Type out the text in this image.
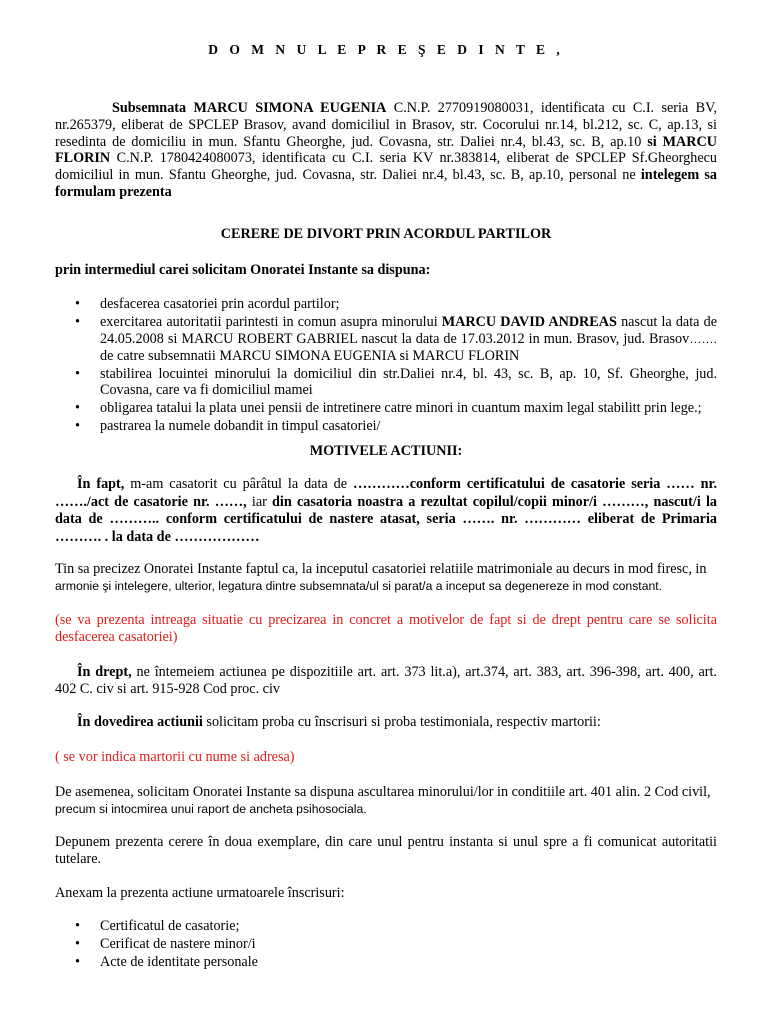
D O M N U L E P R E Ş E D I N T E ,

Subsemnata MARCU SIMONA EUGENIA C.N.P. 2770919080031, identificata cu C.I. seria BV, nr.265379, eliberat de SPCLEP Brasov, avand domiciliul in Brasov, str. Cocorului nr.14, bl.212, sc. C, ap.13, si resedinta de domiciliu in mun. Sfantu Gheorghe, jud. Covasna, str. Daliei nr.4, bl.43, sc. B, ap.10 si MARCU FLORIN C.N.P. 1780424080073, identificata cu C.I. seria KV nr.383814, eliberat de SPCLEP Sf.Gheorghecu domiciliul in mun. Sfantu Gheorghe, jud. Covasna, str. Daliei nr.4, bl.43, sc. B, ap.10, personal ne intelegem sa formulam prezenta

CERERE DE DIVORT PRIN ACORDUL PARTILOR
prin intermediul carei solicitam Onoratei Instante sa dispuna:
• desfacerea casatoriei prin acordul partilor;
• exercitarea autoritatii parintesti in comun asupra minorului MARCU DAVID ANDREAS nascut la data de 24.05.2008 si MARCU ROBERT GABRIEL nascut la data de 17.03.2012 in mun. Brasov, jud. Brasov……. de catre subsemnatii MARCU SIMONA EUGENIA si MARCU FLORIN
• stabilirea locuintei minorului la domiciliul din str.Daliei nr.4, bl. 43, sc. B, ap. 10, Sf. Gheorghe, jud. Covasna, care va fi domiciliul mamei
• obligarea tatalui la plata unei pensii de intretinere catre minori in cuantum maxim legal stabilitt prin lege.;
• pastrarea la numele dobandit in timpul casatoriei/
MOTIVELE ACTIUNII:

În fapt, m-am casatorit cu pârâtul la data de …………conform certificatului de casatorie seria …… nr. ……./act de casatorie nr. ……, iar din casatoria noastra a rezultat copilul/copii minor/i ………, nascut/i la data de ……….. conform certificatului de nastere atasat, seria ……. nr. ………… eliberat de Primaria ………. . la data de ………………

Tin sa precizez Onoratei Instante faptul ca, la inceputul casatoriei relatiile matrimoniale au decurs in mod firesc, in
armonie şi intelegere, ulterior, legatura dintre subsemnata/ul si parat/a a inceput sa degenereze in mod constant.

(se va prezenta intreaga situatie cu precizarea in concret a motivelor de fapt si de drept pentru care se solicita desfacerea casatoriei)

În drept, ne întemeiem actiunea pe dispozitiile art. art. 373 lit.a), art.374, art. 383, art. 396-398, art. 400, art. 402 C. civ si art. 915-928 Cod proc. civ

În dovedirea actiunii solicitam proba cu înscrisuri si proba testimoniala, respectiv martorii:

( se vor indica martorii cu nume si adresa)
De asemenea, solicitam Onoratei Instante sa dispuna ascultarea minorului/lor in conditiile art. 401 alin. 2 Cod civil,
precum si intocmirea unui raport de ancheta psihosociala.

Depunem prezenta cerere în doua exemplare, din care unul pentru instanta si unul spre a fi comunicat autoritatii tutelare.

Anexam la prezenta actiune urmatoarele înscrisuri:
• Certificatul de casatorie;
• Cerificat de nastere minor/i
• Acte de identitate personale
